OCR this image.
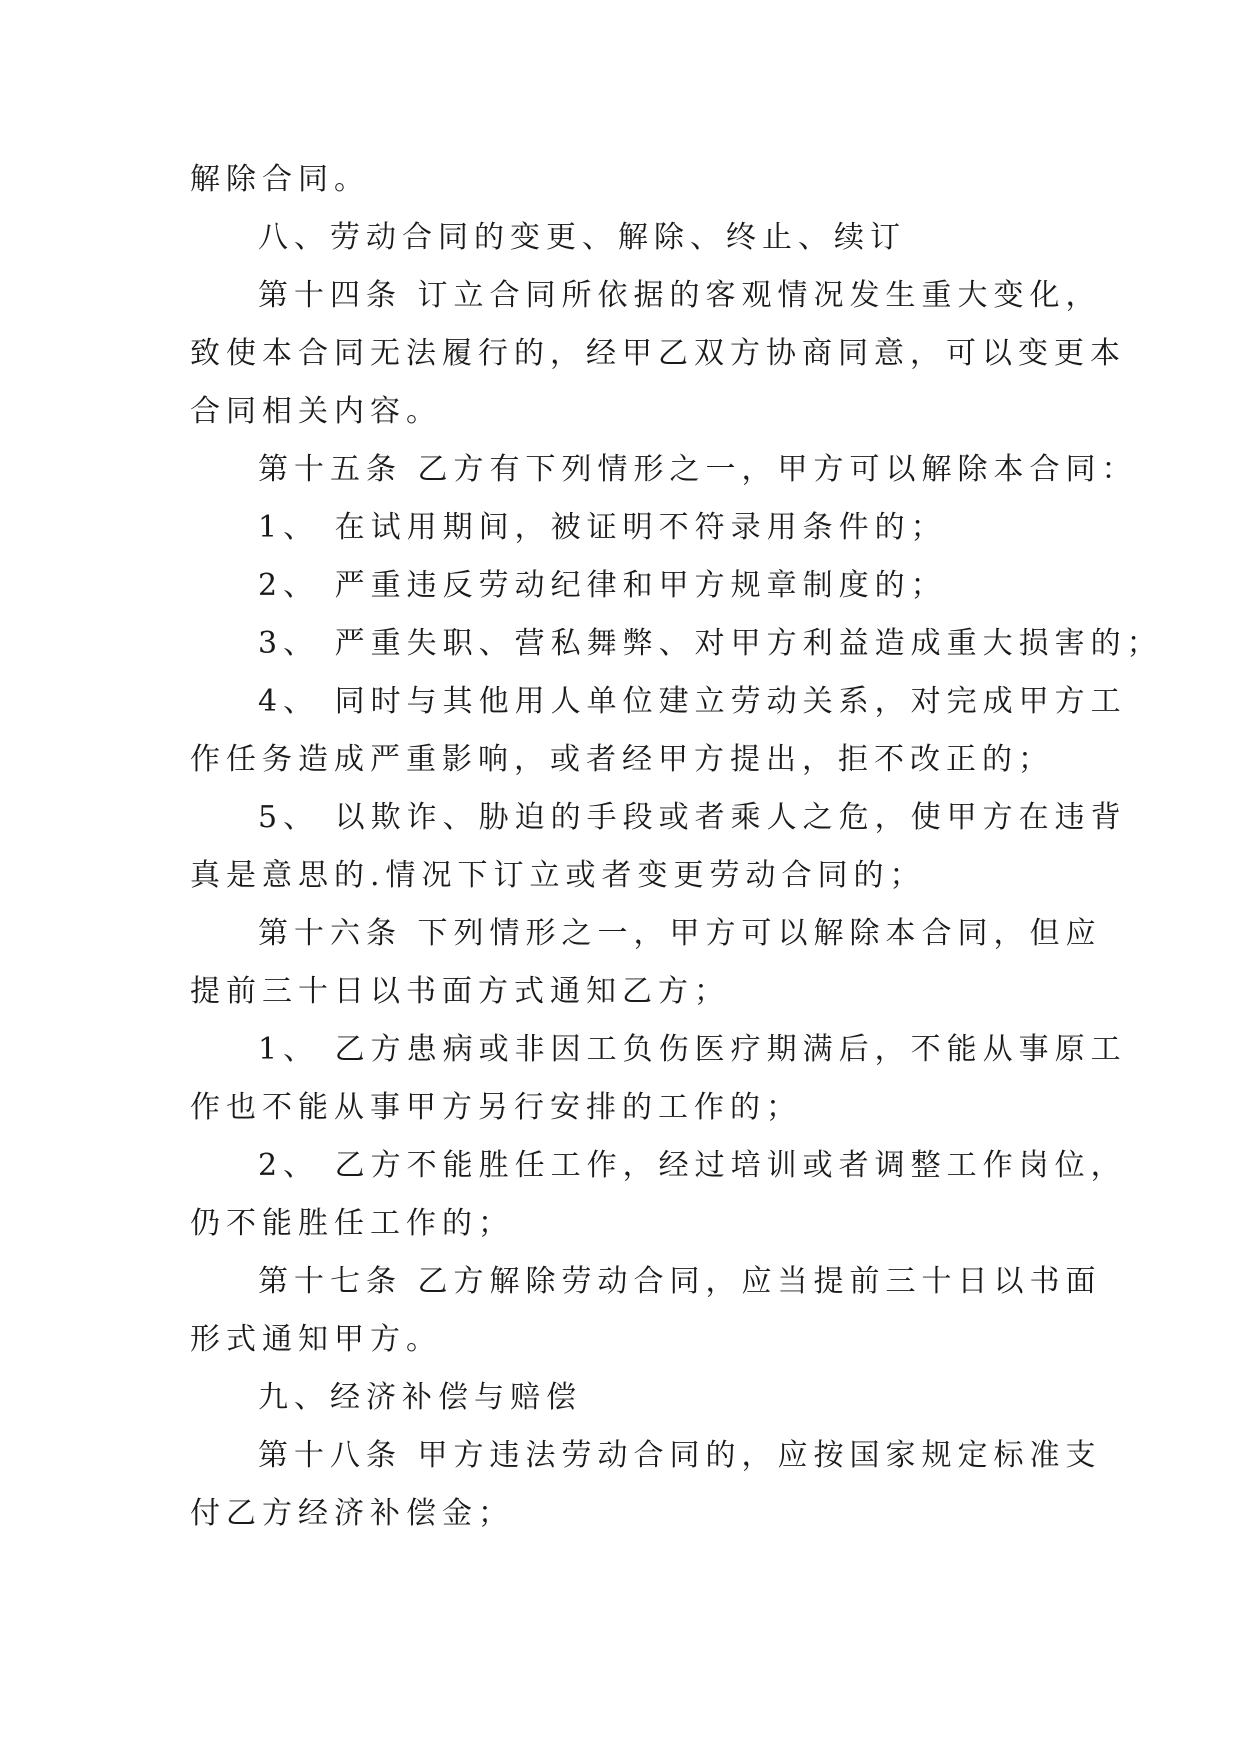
解除合同。
八、劳动合同的变更、解除、终止、续订
第十四条 订立合同所依据的客观情况发生重大变化，
致使本合同无法履行的，经甲乙双方协商同意，可以变更本
合同相关内容。
第十五条 乙方有下列情形之一，甲方可以解除本合同：
1、 在试用期间，被证明不符录用条件的；
2、 严重违反劳动纪律和甲方规章制度的；
3、 严重失职、营私舞弊、对甲方利益造成重大损害的；
4、 同时与其他用人单位建立劳动关系，对完成甲方工
作任务造成严重影响，或者经甲方提出，拒不改正的；
5、 以欺诈、胁迫的手段或者乘人之危，使甲方在违背
真是意思的.情况下订立或者变更劳动合同的；
第十六条 下列情形之一，甲方可以解除本合同，但应
提前三十日以书面方式通知乙方；
1、 乙方患病或非因工负伤医疗期满后，不能从事原工
作也不能从事甲方另行安排的工作的；
2、 乙方不能胜任工作，经过培训或者调整工作岗位，
仍不能胜任工作的；
第十七条 乙方解除劳动合同，应当提前三十日以书面
形式通知甲方。
九、经济补偿与赔偿
第十八条 甲方违法劳动合同的，应按国家规定标准支
付乙方经济补偿金；
